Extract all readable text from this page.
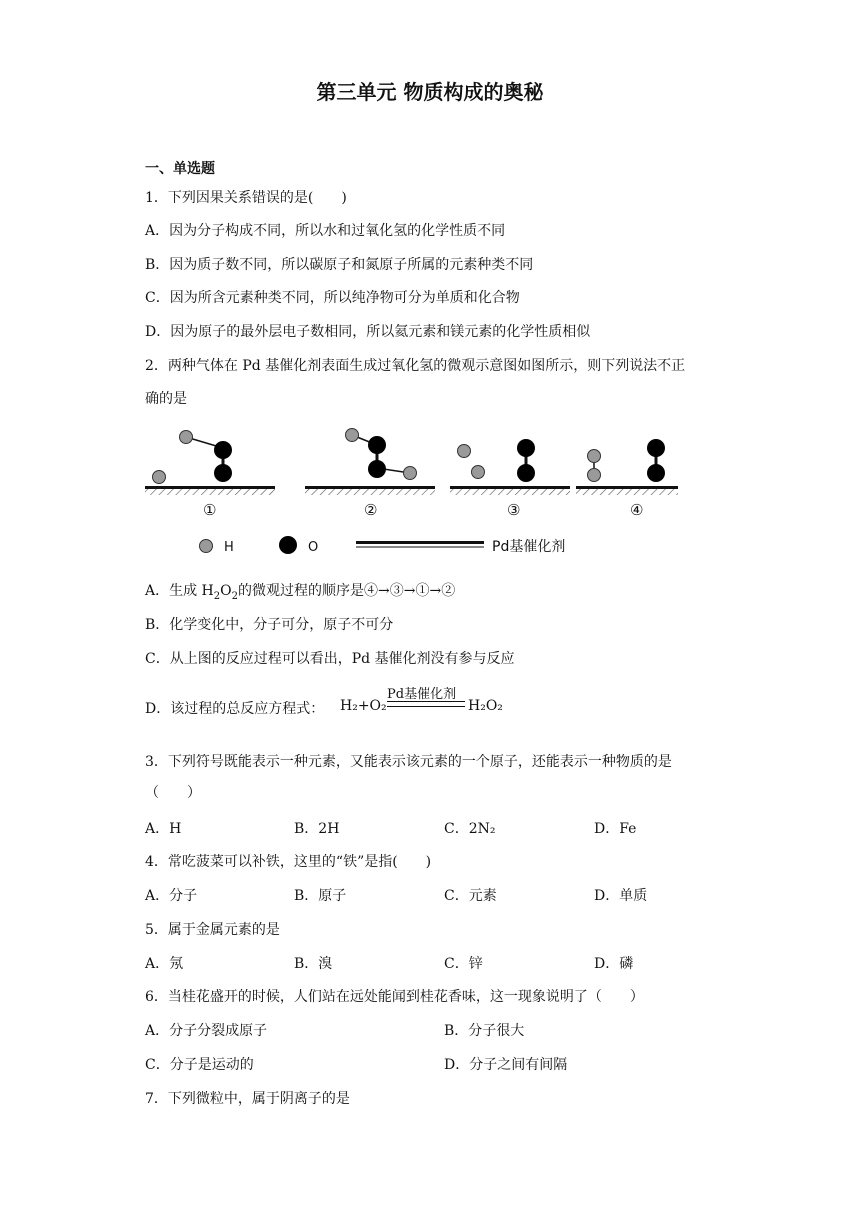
第三单元 物质构成的奥秘
一、单选题
1．下列因果关系错误的是(　　)
A．因为分子构成不同，所以水和过氧化氢的化学性质不同
B．因为质子数不同，所以碳原子和氮原子所属的元素种类不同
C．因为所含元素种类不同，所以纯净物可分为单质和化合物
D．因为原子的最外层电子数相同，所以氦元素和镁元素的化学性质相似
2．两种气体在 Pd 基催化剂表面生成过氧化氢的微观示意图如图所示，则下列说法不正
确的是
①	②	③	④
H	O	Pd基催化剂
A．生成 $H_2O_2$的微观过程的顺序是④→③→①→②
B．化学变化中，分子可分，原子不可分
C．从上图的反应过程可以看出，Pd 基催化剂没有参与反应
D．该过程的总反应方程式： H₂+O₂
Pd基催化剂
H₂O₂
3．下列符号既能表示一种元素，又能表示该元素的一个原子，还能表示一种物质的是
（　　）
A．H	B．2H	C．2N₂	D．Fe
4．常吃菠菜可以补铁，这里的“铁”是指(　　)
A．分子	B．原子	C．元素	D．单质
5．属于金属元素的是
A．氖	B．溴	C．锌	D．磷
6．当桂花盛开的时候，人们站在远处能闻到桂花香味，这一现象说明了（　　）
A．分子分裂成原子	B．分子很大
C．分子是运动的	D．分子之间有间隔
7．下列微粒中，属于阴离子的是
